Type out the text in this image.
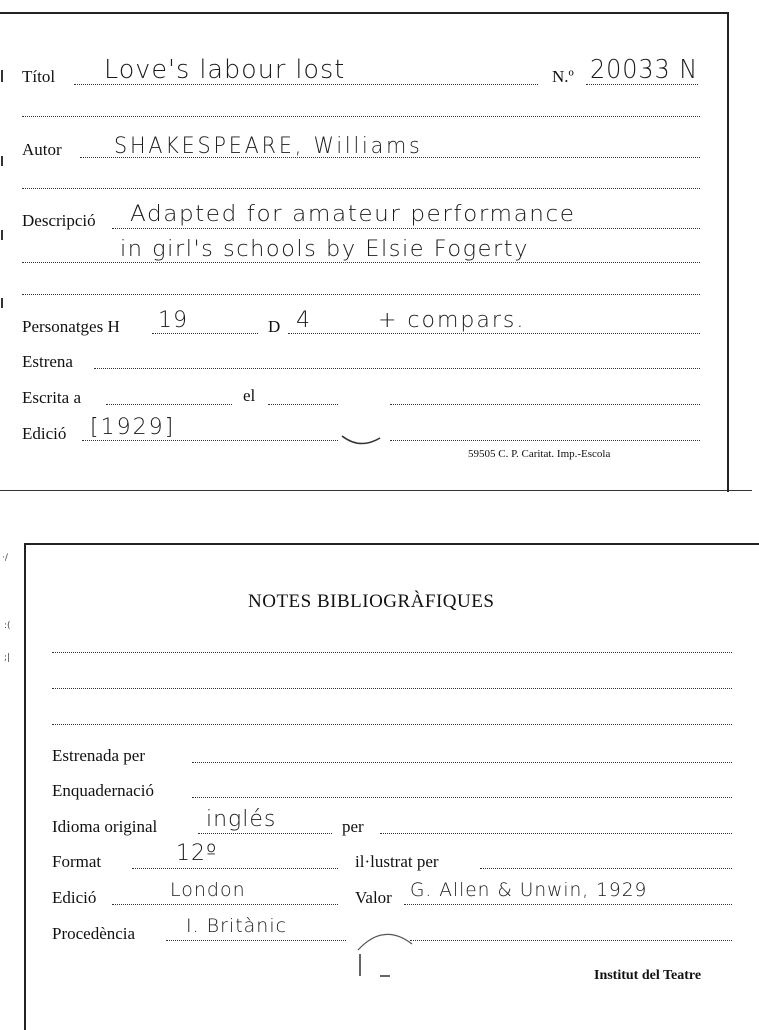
Títol Love's labour lost	N.º 20033 N
Autor SHAKESPEARE, Williams
Descripció Adapted for amateur performance
in girl's schools by Elsie Fogerty
Personatges H 19	D 4	+ compars.
Estrena
Escrita a	el
Edició [1929]
59505 C. P. Caritat. Imp.-Escola
·/
:(
;|
NOTES BIBLIOGRÀFIQUES
Estrenada per
Enquadernació
Idioma original inglés	per
Format	12º	il·lustrat per
Edició	London	Valor G. Allen & Unwin, 1929
Procedència	I. Britànic
Institut del Teatre
